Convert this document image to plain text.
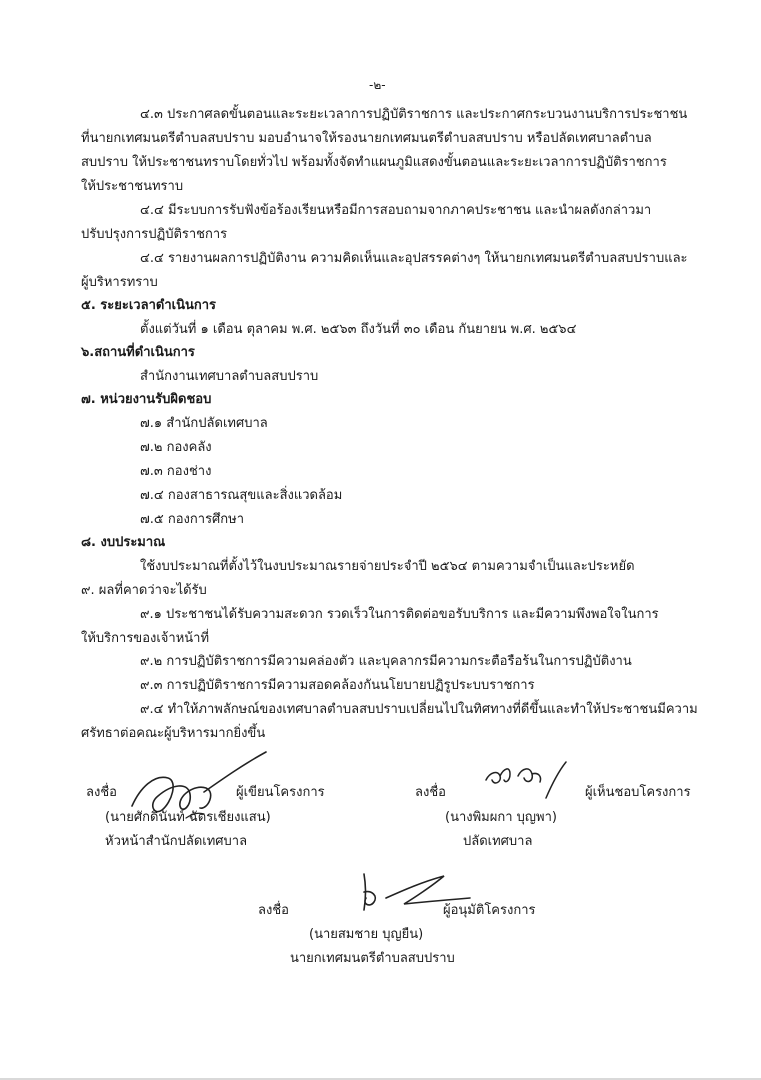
-๒-
๔.๓ ประกาศลดขั้นตอนและระยะเวลาการปฏิบัติราชการ และประกาศกระบวนงานบริการประชาชน
ที่นายกเทศมนตรีตำบลสบปราบ มอบอำนาจให้รองนายกเทศมนตรีตำบลสบปราบ หรือปลัดเทศบาลตำบล
สบปราบ ให้ประชาชนทราบโดยทั่วไป พร้อมทั้งจัดทำแผนภูมิแสดงขั้นตอนและระยะเวลาการปฏิบัติราชการ
ให้ประชาชนทราบ
๔.๔ มีระบบการรับฟังข้อร้องเรียนหรือมีการสอบถามจากภาคประชาชน และนำผลดังกล่าวมา
ปรับปรุงการปฏิบัติราชการ
๔.๔ รายงานผลการปฏิบัติงาน ความคิดเห็นและอุปสรรคต่างๆ ให้นายกเทศมนตรีตำบลสบปราบและ
ผู้บริหารทราบ
๕. ระยะเวลาดำเนินการ
ตั้งแต่วันที่ ๑ เดือน ตุลาคม พ.ศ. ๒๕๖๓ ถึงวันที่ ๓๐ เดือน กันยายน พ.ศ. ๒๕๖๔
๖.สถานที่ดำเนินการ
สำนักงานเทศบาลตำบลสบปราบ
๗. หน่วยงานรับผิดชอบ
๗.๑ สำนักปลัดเทศบาล
๗.๒ กองคลัง
๗.๓ กองช่าง
๗.๔ กองสาธารณสุขและสิ่งแวดล้อม
๗.๕ กองการศึกษา
๘. งบประมาณ
ใช้งบประมาณที่ตั้งไว้ในงบประมาณรายจ่ายประจำปี ๒๕๖๔ ตามความจำเป็นและประหยัด
๙. ผลที่คาดว่าจะได้รับ
๙.๑ ประชาชนได้รับความสะดวก รวดเร็วในการติดต่อขอรับบริการ และมีความพึงพอใจในการ
ให้บริการของเจ้าหน้าที่
๙.๒ การปฏิบัติราชการมีความคล่องตัว และบุคลากรมีความกระตือรือร้นในการปฏิบัติงาน
๙.๓ การปฏิบัติราชการมีความสอดคล้องกันนโยบายปฏิรูประบบราชการ
๙.๔ ทำให้ภาพลักษณ์ของเทศบาลตำบลสบปราบเปลี่ยนไปในทิศทางที่ดีขึ้นและทำให้ประชาชนมีความ
ศรัทธาต่อคณะผู้บริหารมากยิ่งขึ้น
ลงชื่อ	ผู้เขียนโครงการ
(นายศักดินันท์ ฉัตรเชียงแสน)
หัวหน้าสำนักปลัดเทศบาล
ลงชื่อ	ผู้เห็นชอบโครงการ
(นางพิมผกา บุญพา)
ปลัดเทศบาล
ลงชื่อ	ผู้อนุมัติโครงการ
(นายสมชาย บุญยืน)
นายกเทศมนตรีตำบลสบปราบ
